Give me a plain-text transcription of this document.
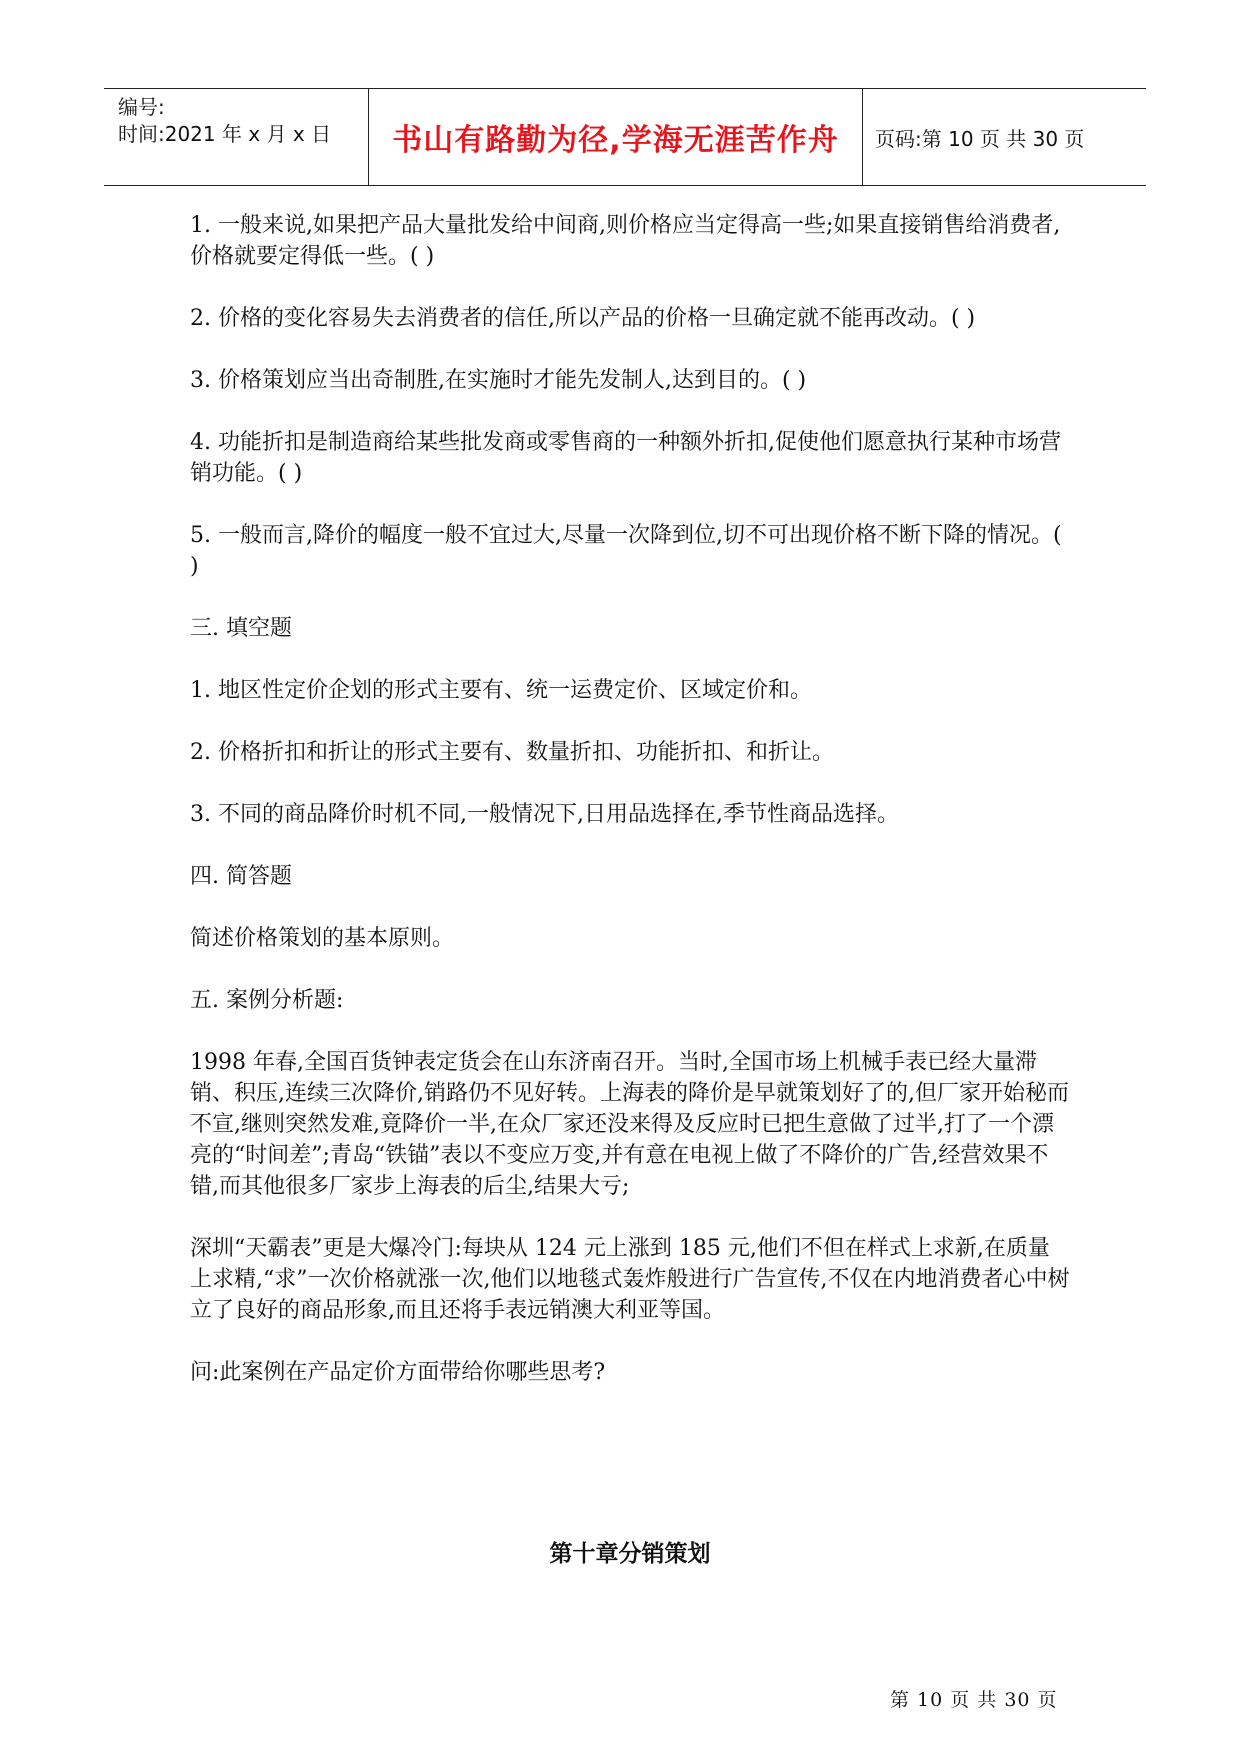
编号:
时间:2021 年 x 月 x 日	书山有路勤为径,学海无涯苦作舟	页码:第 10 页 共 30 页

1. 一般来说,如果把产品大量批发给中间商,则价格应当定得高一些;如果直接销售给消费者,价格就要定得低一些。( )

2. 价格的变化容易失去消费者的信任,所以产品的价格一旦确定就不能再改动。( )

3. 价格策划应当出奇制胜,在实施时才能先发制人,达到目的。( )

4. 功能折扣是制造商给某些批发商或零售商的一种额外折扣,促使他们愿意执行某种市场营销功能。( )

5. 一般而言,降价的幅度一般不宜过大,尽量一次降到位,切不可出现价格不断下降的情况。( )

三. 填空题

1. 地区性定价企划的形式主要有、统一运费定价、区域定价和。

2. 价格折扣和折让的形式主要有、数量折扣、功能折扣、和折让。

3. 不同的商品降价时机不同,一般情况下,日用品选择在,季节性商品选择。

四. 简答题

简述价格策划的基本原则。

五. 案例分析题:

1998 年春,全国百货钟表定货会在山东济南召开。当时,全国市场上机械手表已经大量滞销、积压,连续三次降价,销路仍不见好转。上海表的降价是早就策划好了的,但厂家开始秘而不宣,继则突然发难,竟降价一半,在众厂家还没来得及反应时已把生意做了过半,打了一个漂亮的“时间差”;青岛“铁锚”表以不变应万变,并有意在电视上做了不降价的广告,经营效果不错,而其他很多厂家步上海表的后尘,结果大亏;

深圳“天霸表”更是大爆冷门:每块从 124 元上涨到 185 元,他们不但在样式上求新,在质量上求精,“求”一次价格就涨一次,他们以地毯式轰炸般进行广告宣传,不仅在内地消费者心中树立了良好的商品形象,而且还将手表远销澳大利亚等国。

问:此案例在产品定价方面带给你哪些思考?

第十章分销策划
第 10 页 共 30 页
